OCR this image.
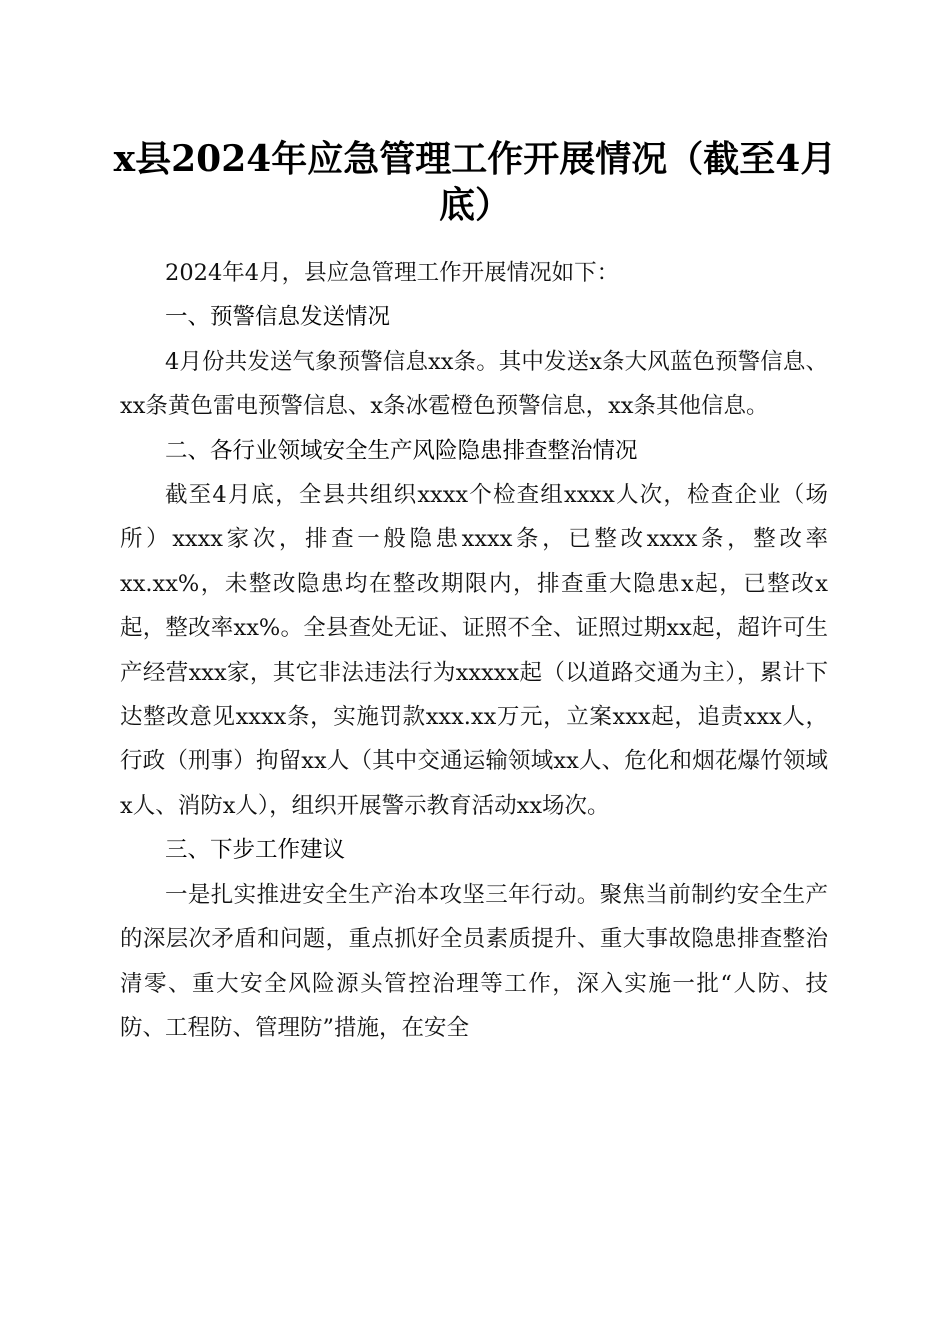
x县2024年应急管理工作开展情况（截至4月底）

2024年4月，县应急管理工作开展情况如下：

一、预警信息发送情况

4月份共发送气象预警信息xx条。其中发送x条大风蓝色预警信息、xx条黄色雷电预警信息、x条冰雹橙色预警信息，xx条其他信息。

二、各行业领域安全生产风险隐患排查整治情况

截至4月底，全县共组织xxxx个检查组xxxx人次，检查企业（场所）xxxx家次，排查一般隐患xxxx条，已整改xxxx条，整改率xx.xx%，未整改隐患均在整改期限内，排查重大隐患x起，已整改x起，整改率xx%。全县查处无证、证照不全、证照过期xx起，超许可生产经营xxx家，其它非法违法行为xxxxx起（以道路交通为主），累计下达整改意见xxxx条，实施罚款xxx.xx万元，立案xxx起，追责xxx人，行政（刑事）拘留xx人（其中交通运输领域xx人、危化和烟花爆竹领域x人、消防x人），组织开展警示教育活动xx场次。

三、下步工作建议

一是扎实推进安全生产治本攻坚三年行动。聚焦当前制约安全生产的深层次矛盾和问题，重点抓好全员素质提升、重大事故隐患排查整治清零、重大安全风险源头管控治理等工作，深入实施一批“人防、技防、工程防、管理防”措施，在安全
